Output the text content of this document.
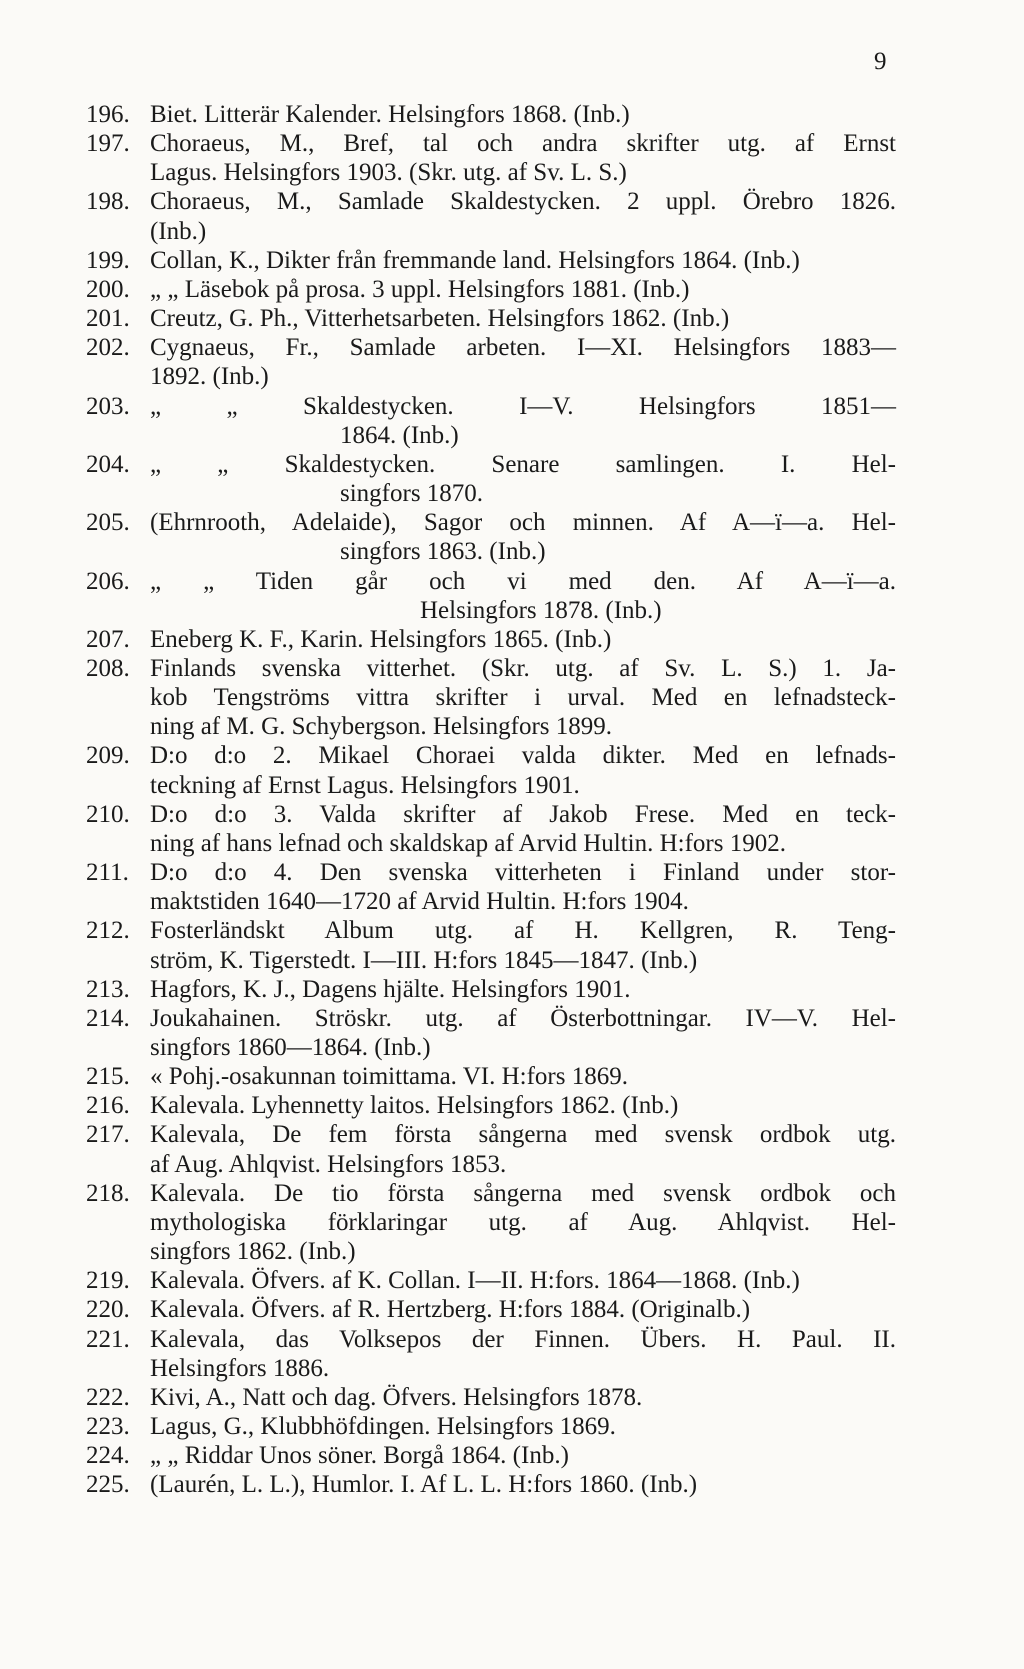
9
196. Biet. Litterär Kalender. Helsingfors 1868. (Inb.)
197. Choraeus, M., Bref, tal och andra skrifter utg. af Ernst
Lagus. Helsingfors 1903. (Skr. utg. af Sv. L. S.)
198. Choraeus, M., Samlade Skaldestycken. 2 uppl. Örebro 1826.
(Inb.)
199. Collan, K., Dikter från fremmande land. Helsingfors 1864. (Inb.)
200. „ „ Läsebok på prosa. 3 uppl. Helsingfors 1881. (Inb.)
201. Creutz, G. Ph., Vitterhetsarbeten. Helsingfors 1862. (Inb.)
202. Cygnaeus, Fr., Samlade arbeten. I—XI. Helsingfors 1883—
1892. (Inb.)
203. „ „ Skaldestycken. I—V. Helsingfors 1851—
1864. (Inb.)
204. „ „ Skaldestycken. Senare samlingen. I. Hel-
singfors 1870.
205. (Ehrnrooth, Adelaide), Sagor och minnen. Af A—ï—a. Hel-
singfors 1863. (Inb.)
206. „ „ Tiden går och vi med den. Af A—ï—a.
Helsingfors 1878. (Inb.)
207. Eneberg K. F., Karin. Helsingfors 1865. (Inb.)
208. Finlands svenska vitterhet. (Skr. utg. af Sv. L. S.) 1. Ja-
kob Tengströms vittra skrifter i urval. Med en lefnadsteck-
ning af M. G. Schybergson. Helsingfors 1899.
209. D:o d:o 2. Mikael Choraei valda dikter. Med en lefnads-
teckning af Ernst Lagus. Helsingfors 1901.
210. D:o d:o 3. Valda skrifter af Jakob Frese. Med en teck-
ning af hans lefnad och skaldskap af Arvid Hultin. H:fors 1902.
211. D:o d:o 4. Den svenska vitterheten i Finland under stor-
maktstiden 1640—1720 af Arvid Hultin. H:fors 1904.
212. Fosterländskt Album utg. af H. Kellgren, R. Teng-
ström, K. Tigerstedt. I—III. H:fors 1845—1847. (Inb.)
213. Hagfors, K. J., Dagens hjälte. Helsingfors 1901.
214. Joukahainen. Ströskr. utg. af Österbottningar. IV—V. Hel-
singfors 1860—1864. (Inb.)
215. « Pohj.-osakunnan toimittama. VI. H:fors 1869.
216. Kalevala. Lyhennetty laitos. Helsingfors 1862. (Inb.)
217. Kalevala, De fem första sångerna med svensk ordbok utg.
af Aug. Ahlqvist. Helsingfors 1853.
218. Kalevala. De tio första sångerna med svensk ordbok och
mythologiska förklaringar utg. af Aug. Ahlqvist. Hel-
singfors 1862. (Inb.)
219. Kalevala. Öfvers. af K. Collan. I—II. H:fors. 1864—1868. (Inb.)
220. Kalevala. Öfvers. af R. Hertzberg. H:fors 1884. (Originalb.)
221. Kalevala, das Volksepos der Finnen. Übers. H. Paul. II.
Helsingfors 1886.
222. Kivi, A., Natt och dag. Öfvers. Helsingfors 1878.
223. Lagus, G., Klubbhöfdingen. Helsingfors 1869.
224. „ „ Riddar Unos söner. Borgå 1864. (Inb.)
225. (Laurén, L. L.), Humlor. I. Af L. L. H:fors 1860. (Inb.)
